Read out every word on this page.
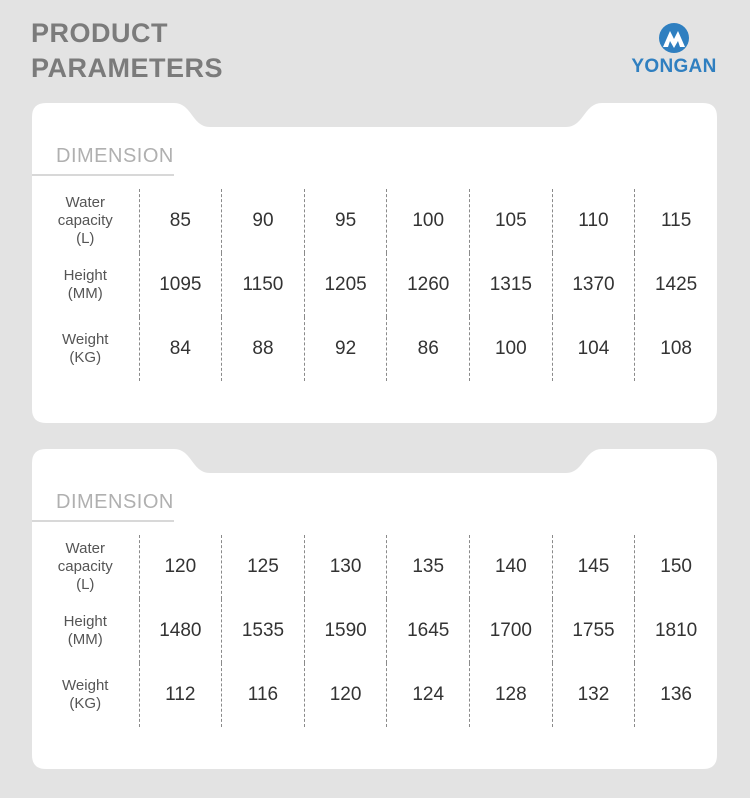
PRODUCT
PARAMETERS	YONGAN
DIMENSION
Water
capacity
(L)	85	90	95	100	105	110	115

Height
(MM)	1095	1150	1205	1260	1315	1370	1425

Weight
(KG)	84	88	92	86	100	104	108
DIMENSION
Water
capacity
(L)	120	125	130	135	140	145	150

Height
(MM)	1480	1535	1590	1645	1700	1755	1810

Weight
(KG)	112	116	120	124	128	132	136
